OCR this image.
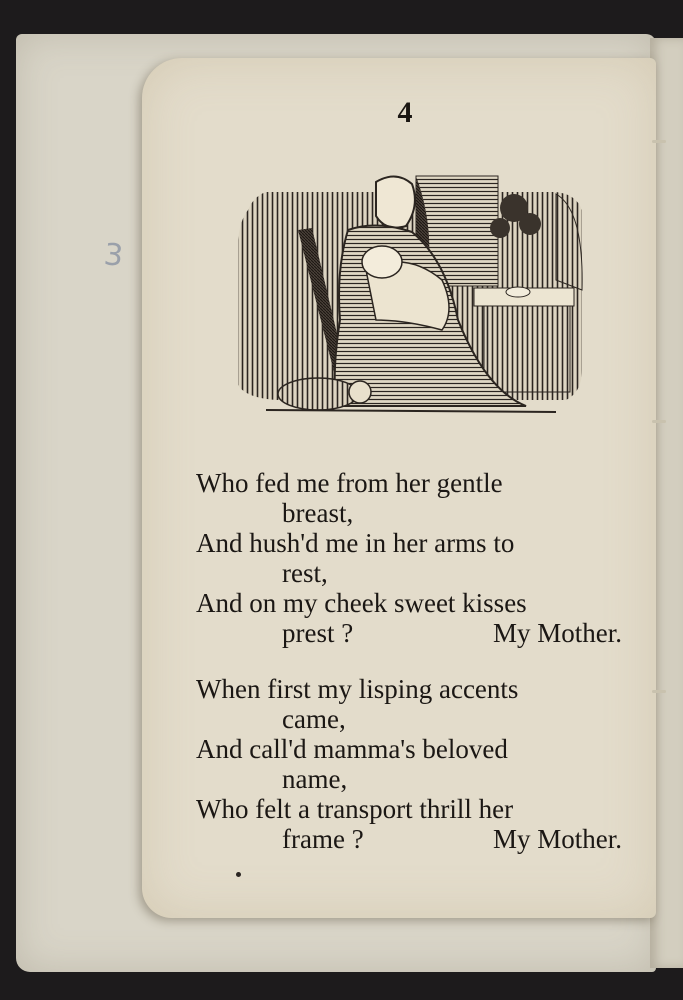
3
4
Who fed me from her gentle
breast,
And hush'd me in her arms to
rest,
And on my cheek sweet kisses
prest ?	My Mother.
When first my lisping accents
came,
And call'd mamma's beloved
name,
Who felt a transport thrill her
frame ?	My Mother.
